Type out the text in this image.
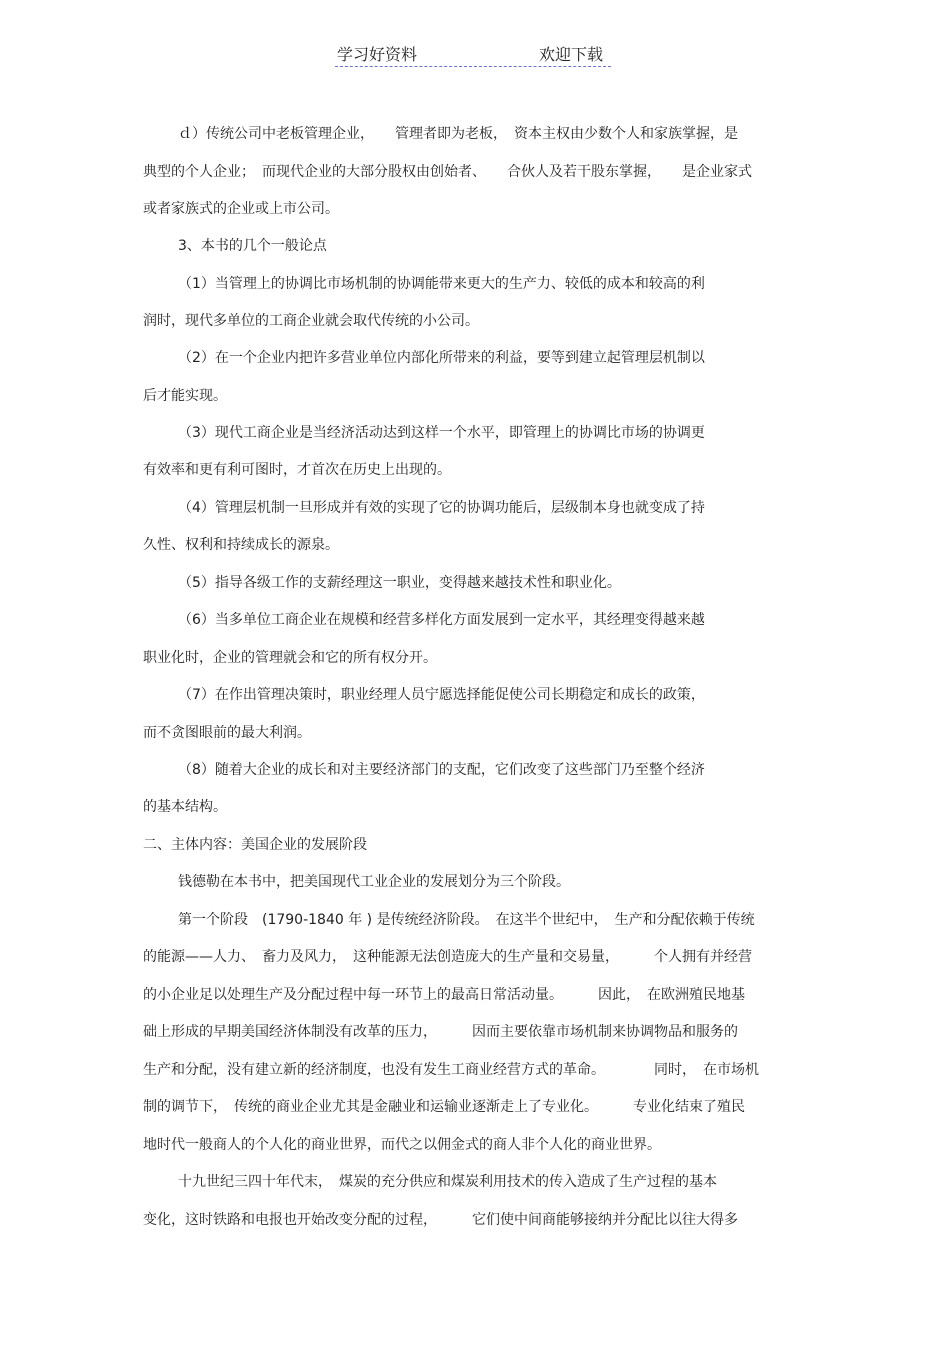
学习好资料	欢迎下载
ｄ）传统公司中老板管理企业，　　管理者即为老板，　资本主权由少数个人和家族掌握，是
典型的个人企业；　而现代企业的大部分股权由创始者、　　合伙人及若干股东掌握，　　是企业家式
或者家族式的企业或上市公司。
3、本书的几个一般论点
（1）当管理上的协调比市场机制的协调能带来更大的生产力、较低的成本和较高的利
润时，现代多单位的工商企业就会取代传统的小公司。
（2）在一个企业内把许多营业单位内部化所带来的利益，要等到建立起管理层机制以
后才能实现。
（3）现代工商企业是当经济活动达到这样一个水平，即管理上的协调比市场的协调更
有效率和更有利可图时，才首次在历史上出现的。
（4）管理层机制一旦形成并有效的实现了它的协调功能后，层级制本身也就变成了持
久性、权利和持续成长的源泉。
（5）指导各级工作的支薪经理这一职业，变得越来越技术性和职业化。
（6）当多单位工商企业在规模和经营多样化方面发展到一定水平，其经理变得越来越
职业化时，企业的管理就会和它的所有权分开。
（7）在作出管理决策时，职业经理人员宁愿选择能促使公司长期稳定和成长的政策，
而不贪图眼前的最大利润。
（8）随着大企业的成长和对主要经济部门的支配，它们改变了这些部门乃至整个经济
的基本结构。
二、主体内容：美国企业的发展阶段
钱德勒在本书中，把美国现代工业企业的发展划分为三个阶段。
第一个阶段　(1790-1840 年 ) 是传统经济阶段。　在这半个世纪中，　生产和分配依赖于传统
的能源——人力、　畜力及风力，　这种能源无法创造庞大的生产量和交易量，　　　个人拥有并经营
的小企业足以处理生产及分配过程中每一环节上的最高日常活动量。　　　因此，　在欧洲殖民地基
础上形成的早期美国经济体制没有改革的压力，　　　因而主要依靠市场机制来协调物品和服务的
生产和分配，没有建立新的经济制度，也没有发生工商业经营方式的革命。　　　　同时，　在市场机
制的调节下，　传统的商业企业尤其是金融业和运输业逐渐走上了专业化。　　　专业化结束了殖民
地时代一般商人的个人化的商业世界，而代之以佣金式的商人非个人化的商业世界。
十九世纪三四十年代末，　煤炭的充分供应和煤炭利用技术的传入造成了生产过程的基本
变化，这时铁路和电报也开始改变分配的过程，　　　它们使中间商能够接纳并分配比以往大得多
